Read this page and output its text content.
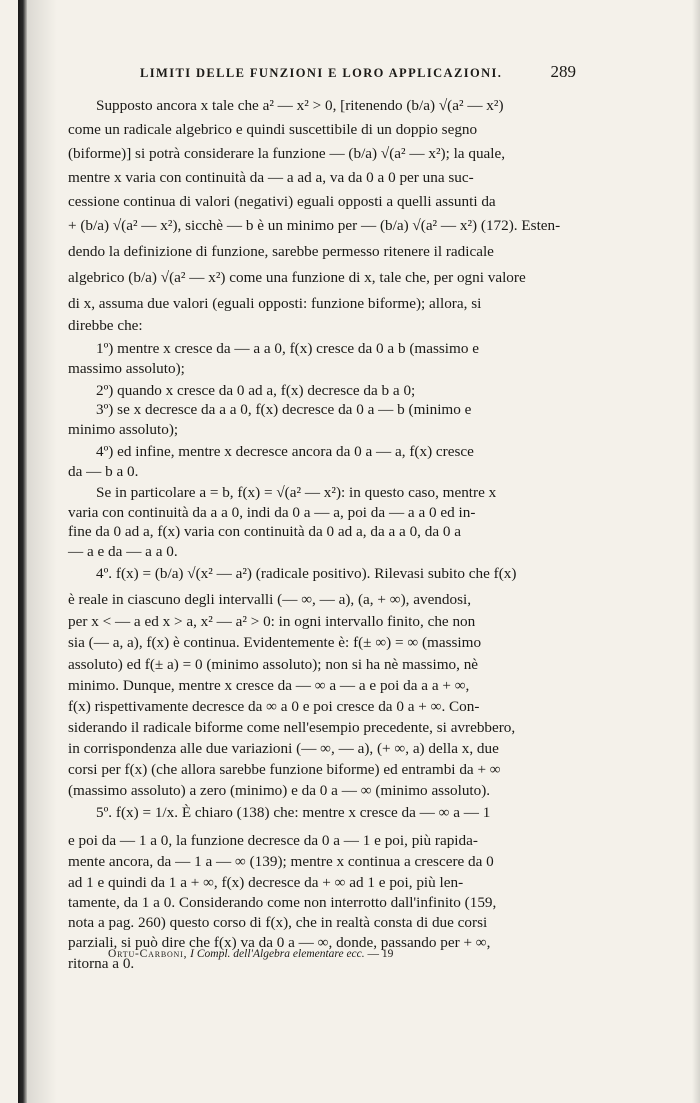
LIMITI DELLE FUNZIONI E LORO APPLICAZIONI.	289
Supposto ancora x tale che a² — x² > 0, [ritenendo (b/a) √(a² — x²)
come un radicale algebrico e quindi suscettibile di un doppio segno
(biforme)] si potrà considerare la funzione — (b/a) √(a² — x²); la quale,
mentre x varia con continuità da — a ad a, va da 0 a 0 per una suc-
cessione continua di valori (negativi) eguali opposti a quelli assunti da
+ (b/a) √(a² — x²), sicchè — b è un minimo per — (b/a) √(a² — x²) (172). Esten-
dendo la definizione di funzione, sarebbe permesso ritenere il radicale
algebrico (b/a) √(a² — x²) come una funzione di x, tale che, per ogni valore
di x, assuma due valori (eguali opposti: funzione biforme); allora, si
direbbe che:
1º) mentre x cresce da — a a 0, f(x) cresce da 0 a b (massimo e
massimo assoluto);
2º) quando x cresce da 0 ad a, f(x) decresce da b a 0;
3º) se x decresce da a a 0, f(x) decresce da 0 a — b (minimo e
minimo assoluto);
4º) ed infine, mentre x decresce ancora da 0 a — a, f(x) cresce
da — b a 0.
Se in particolare a = b, f(x) = √(a² — x²): in questo caso, mentre x
varia con continuità da a a 0, indi da 0 a — a, poi da — a a 0 ed in-
fine da 0 ad a, f(x) varia con continuità da 0 ad a, da a a 0, da 0 a
— a e da — a a 0.
4º. f(x) = (b/a) √(x² — a²) (radicale positivo). Rilevasi subito che f(x)
è reale in ciascuno degli intervalli (— ∞, — a), (a, + ∞), avendosi,
per x < — a ed x > a, x² — a² > 0: in ogni intervallo finito, che non
sia (— a, a), f(x) è continua. Evidentemente è: f(± ∞) = ∞ (massimo
assoluto) ed f(± a) = 0 (minimo assoluto); non si ha nè massimo, nè
minimo. Dunque, mentre x cresce da — ∞ a — a e poi da a a + ∞,
f(x) rispettivamente decresce da ∞ a 0 e poi cresce da 0 a + ∞. Con-
siderando il radicale biforme come nell'esempio precedente, si avrebbero,
in corrispondenza alle due variazioni (— ∞, — a), (+ ∞, a) della x, due
corsi per f(x) (che allora sarebbe funzione biforme) ed entrambi da + ∞
(massimo assoluto) a zero (minimo) e da 0 a — ∞ (minimo assoluto).
5º. f(x) = 1/x. È chiaro (138) che: mentre x cresce da — ∞ a — 1
e poi da — 1 a 0, la funzione decresce da 0 a — 1 e poi, più rapida-
mente ancora, da — 1 a — ∞ (139); mentre x continua a crescere da 0
ad 1 e quindi da 1 a + ∞, f(x) decresce da + ∞ ad 1 e poi, più len-
tamente, da 1 a 0. Considerando come non interrotto dall'infinito (159,
nota a pag. 260) questo corso di f(x), che in realtà consta di due corsi
parziali, si può dire che f(x) va da 0 a — ∞, donde, passando per + ∞,
ritorna a 0.
Ortu-Carboni, I Compl. dell'Algebra elementare ecc. — 19
